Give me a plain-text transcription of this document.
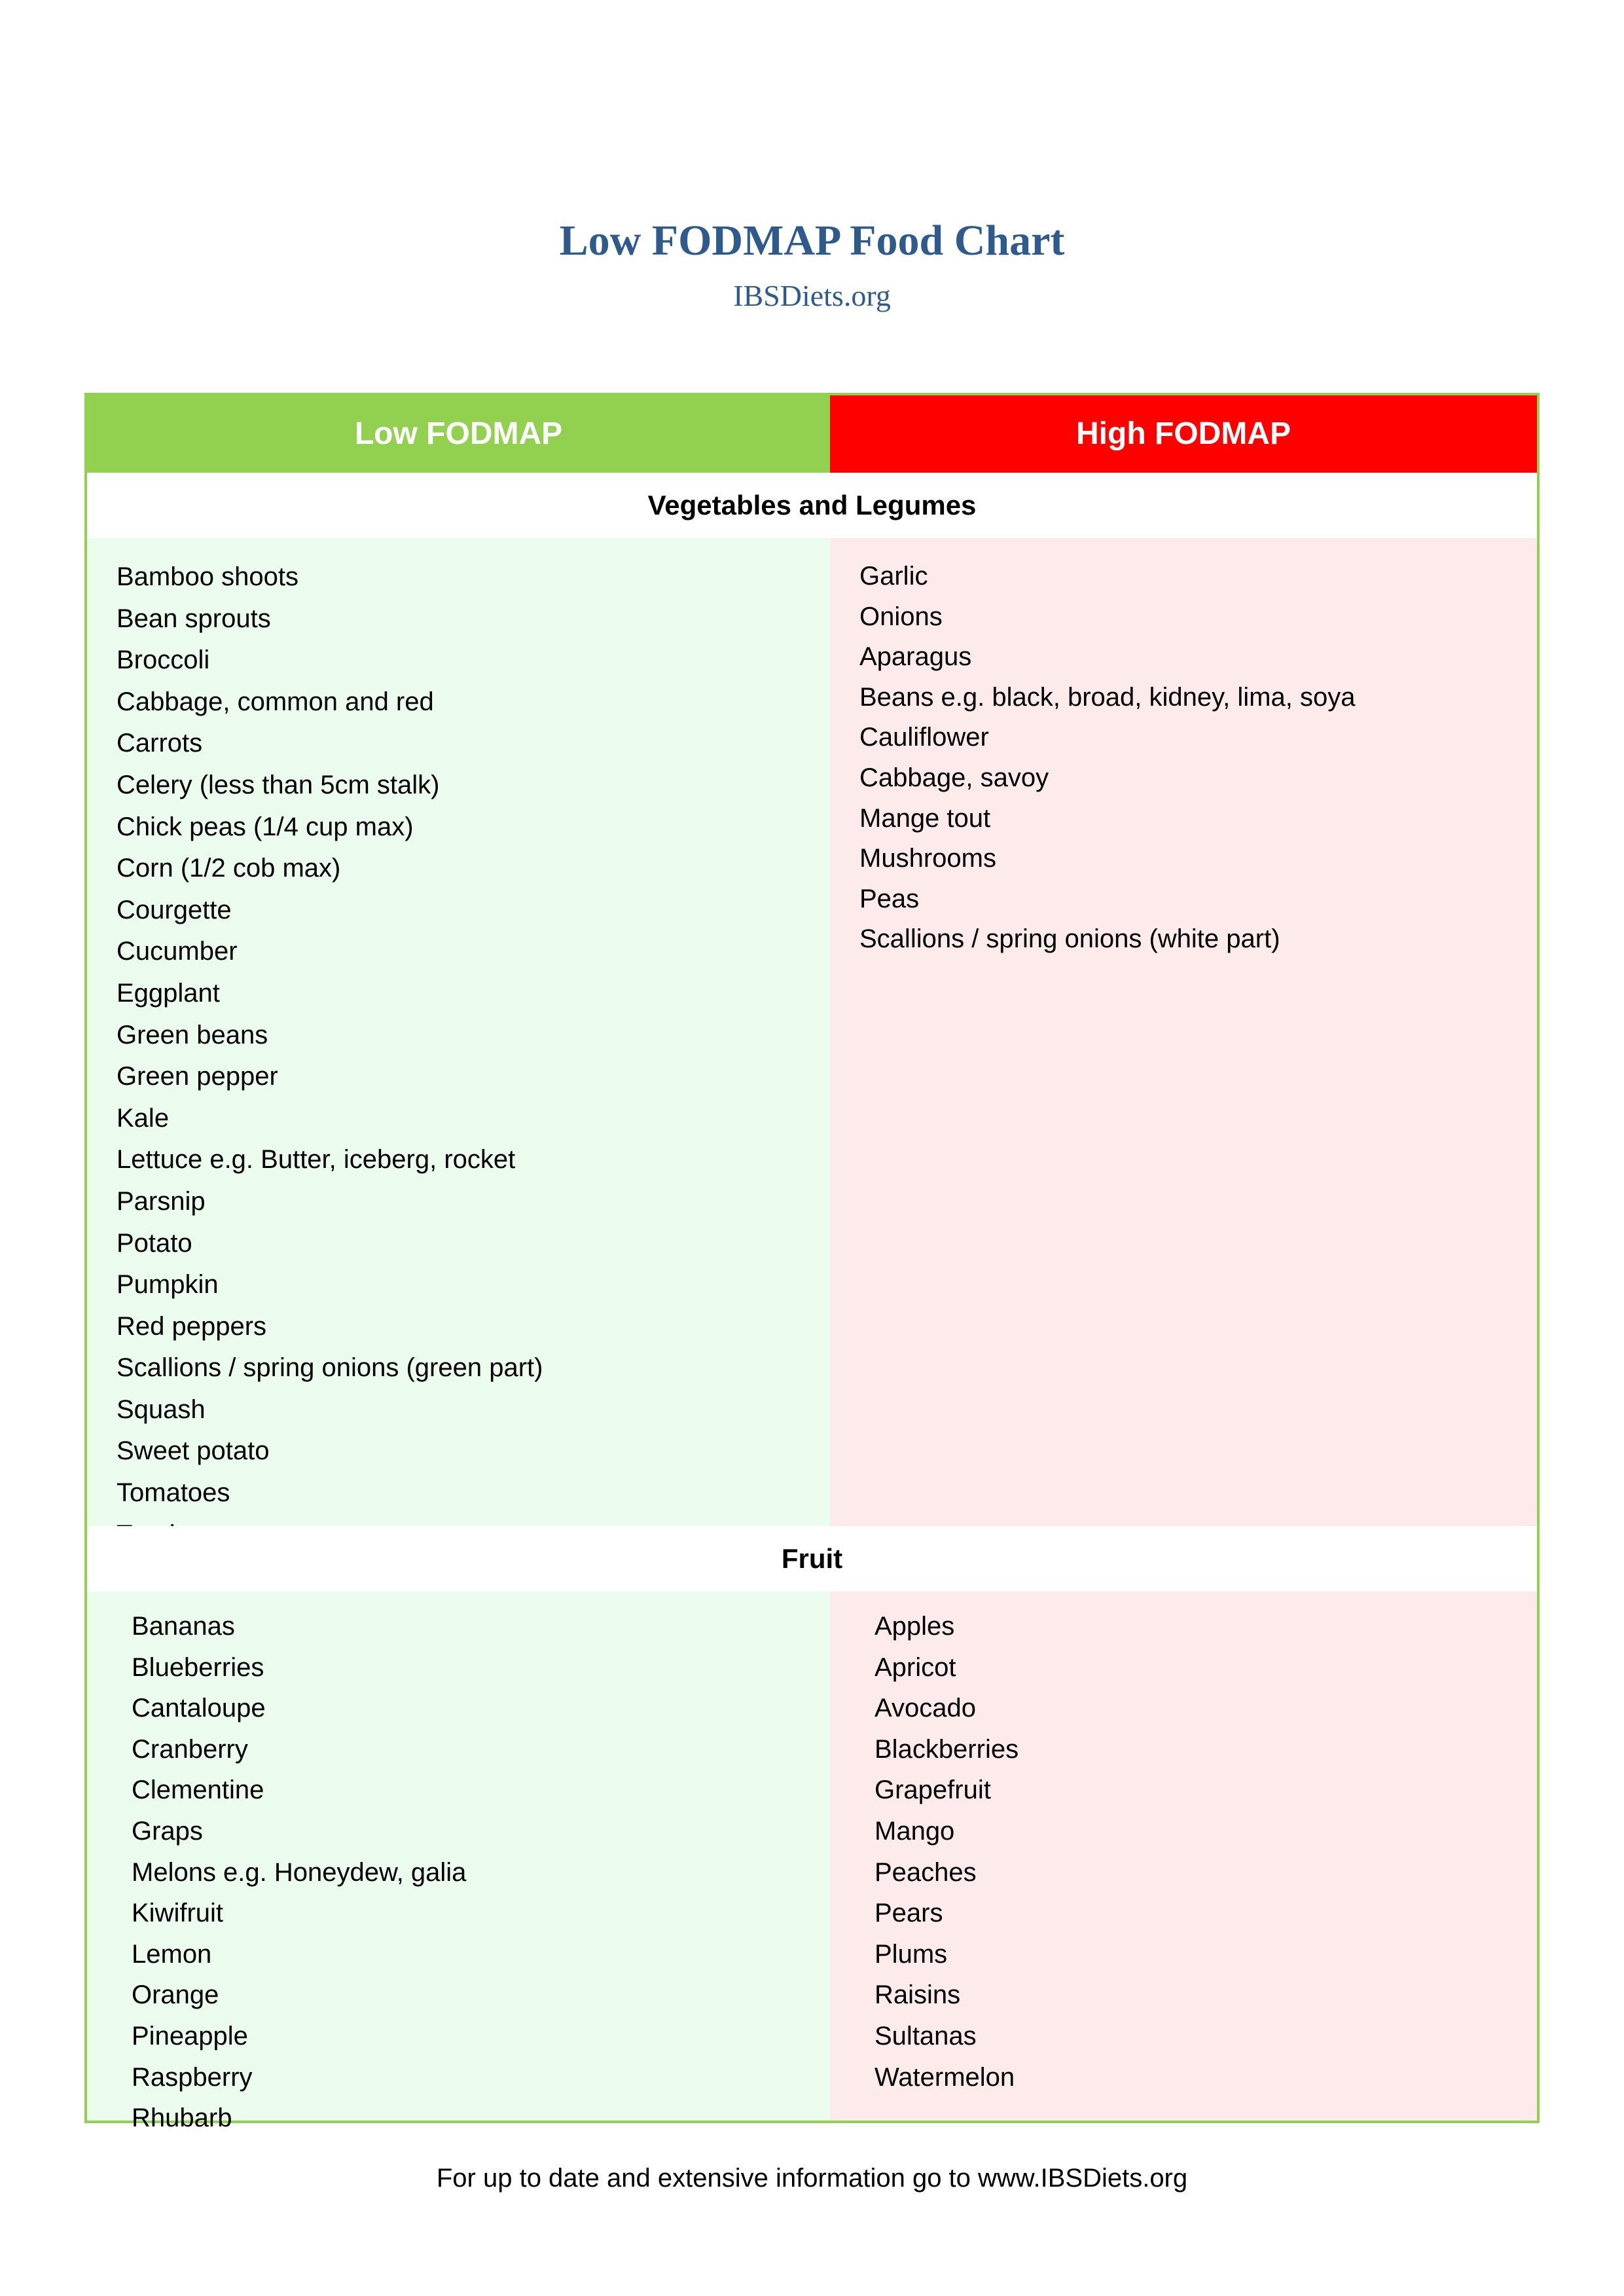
Low FODMAP Food Chart
IBSDiets.org
Low FODMAP	High FODMAP
Vegetables and Legumes
Bamboo shoots
Bean sprouts
Broccoli
Cabbage, common and red
Carrots
Celery (less than 5cm stalk)
Chick peas (1/4 cup max)
Corn (1/2 cob max)
Courgette
Cucumber
Eggplant
Green beans
Green pepper
Kale
Lettuce e.g. Butter, iceberg, rocket
Parsnip
Potato
Pumpkin
Red peppers
Scallions / spring onions (green part)
Squash
Sweet potato
Tomatoes
Garlic
Onions
Aparagus
Beans e.g. black, broad, kidney, lima, soya
Cauliflower
Cabbage, savoy
Mange tout
Mushrooms
Peas
Scallions / spring onions (white part)
Fruit
Bananas
Blueberries
Cantaloupe
Cranberry
Clementine
Graps
Melons e.g. Honeydew, galia
Kiwifruit
Lemon
Orange
Pineapple
Raspberry
Rhubarb
Apples
Apricot
Avocado
Blackberries
Grapefruit
Mango
Peaches
Pears
Plums
Raisins
Sultanas
Watermelon
For up to date and extensive information go to www.IBSDiets.org
